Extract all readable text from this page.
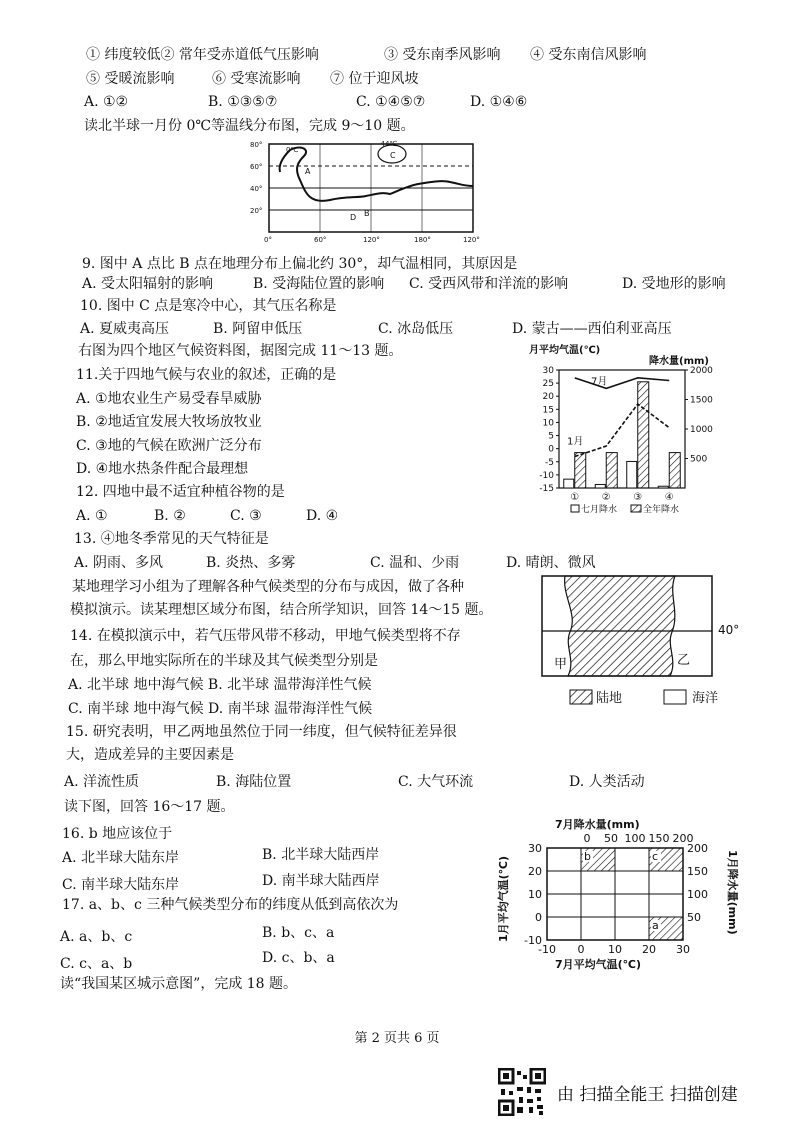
① 纬度较低② 常年受赤道低气压影响	③ 受东南季风影响 ④ 受东南信风影响
⑤ 受暖流影响	⑥ 受寒流影响 ⑦ 位于迎风坡
A. ①②	B. ①③⑤⑦	C. ①④⑤⑦	D. ①④⑥
读北半球一月份 0℃等温线分布图，完成 9～10 题。
80°
60°
40°
20°
0°	60°	120°	180°	120°
A
B
C
D
0℃
-44℃
9. 图中 A 点比 B 点在地理分布上偏北约 30°，却气温相同，其原因是
A. 受太阳辐射的影响	B. 受海陆位置的影响 C. 受西风带和洋流的影响	D. 受地形的影响
10. 图中 C 点是寒冷中心，其气压名称是
A. 夏威夷高压	B. 阿留申低压	C. 冰岛低压	D. 蒙古——西伯利亚高压
右图为四个地区气候资料图，据图完成 11～13 题。
11.关于四地气候与农业的叙述，正确的是
A. ①地农业生产易受春旱威胁
B. ②地适宜发展大牧场放牧业
C. ③地的气候在欧洲广泛分布
D. ④地水热条件配合最理想
12. 四地中最不适宜种植谷物的是
A. ①	B. ②	C. ③	D. ④
月平均气温(℃)
降水量(mm)
30
25
20
15
10
5
0
-5
-10
-15
2000
1500
1000
500
① ② ③ ④
7月
1月
七月降水	全年降水
13. ④地冬季常见的天气特征是
A. 阴雨、多风	B. 炎热、多雾	C. 温和、少雨	D. 晴朗、微风
某地理学习小组为了理解各种气候类型的分布与成因，做了各种
模拟演示。读某理想区域分布图，结合所学知识，回答 14～15 题。
14. 在模拟演示中，若气压带风带不移动，甲地气候类型将不存
在，那么甲地实际所在的半球及其气候类型分别是
A. 北半球 地中海气候 B. 北半球 温带海洋性气候
C. 南半球 地中海气候 D. 南半球 温带海洋性气候
15. 研究表明，甲乙两地虽然位于同一纬度，但气候特征差异很
大，造成差异的主要因素是
A. 洋流性质	B. 海陆位置	C. 大气环流	D. 人类活动
40°
甲	乙
陆地	海洋
读下图，回答 16～17 题。
16. b 地应该位于
A. 北半球大陆东岸	B. 北半球大陆西岸
C. 南半球大陆东岸	D. 南半球大陆西岸
17. a、b、c 三种气候类型分布的纬度从低到高依次为
A. a、b、c	B. b、c、a
C. c、a、b	D. c、b、a
读“我国某区城示意图”，完成 18 题。
7月降水量(mm)
a
b	c
0 50 100 150 200
-10 0 10 20 30
30
20
10
0
-10
200
150
100
50
7月平均气温(℃)
1月平均气温(℃)	1月降水量(mm)
第 2 页共 6 页
由 扫描全能王 扫描创建
